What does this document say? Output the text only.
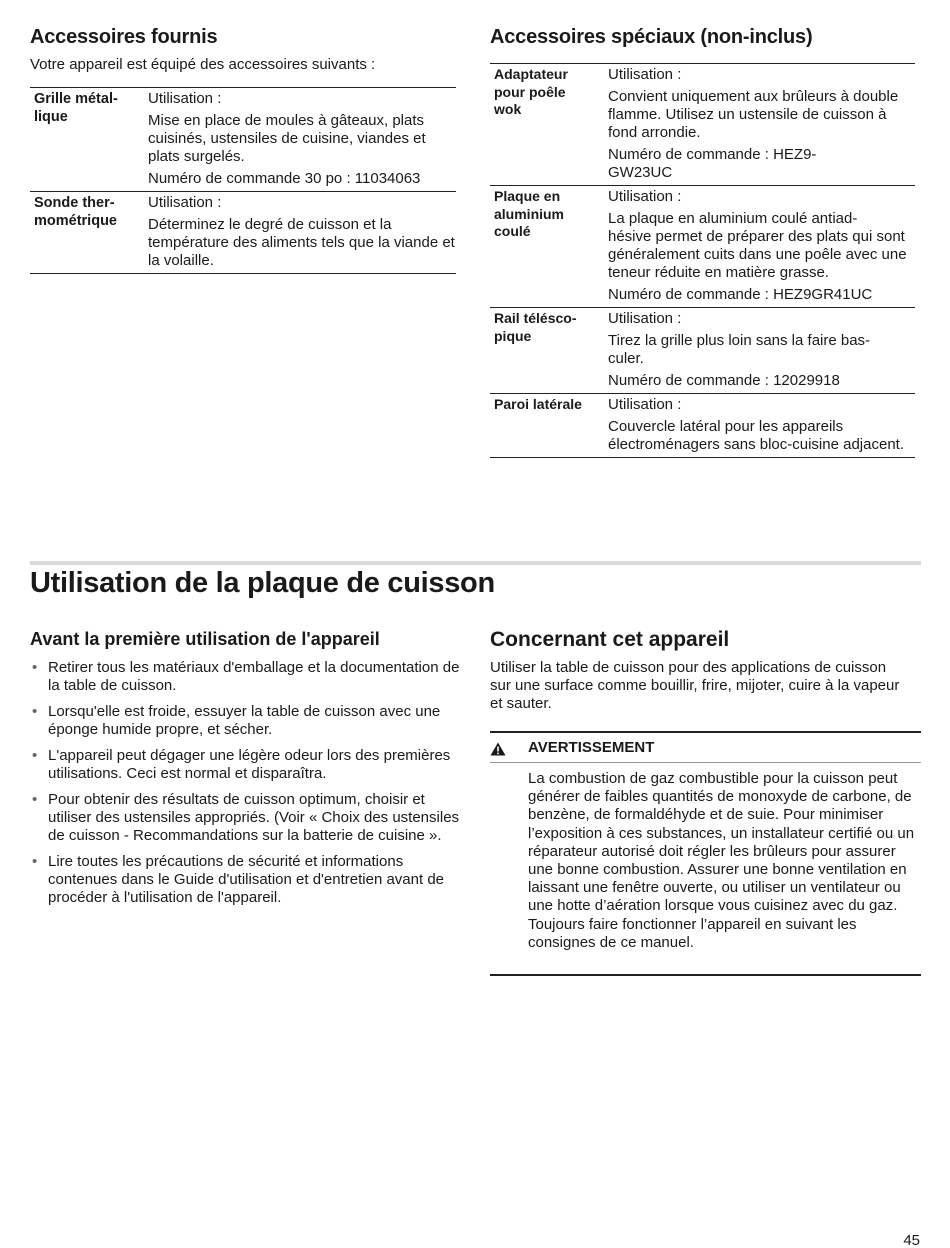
Accessoires fournis
Votre appareil est équipé des accessoires suivants :
Grille métal-
lique

Utilisation :

Mise en place de moules à gâteaux, plats cuisinés, ustensiles de cuisine, viandes et plats surgelés.

Numéro de commande 30 po : 11034063

Sonde ther-
mométrique

Utilisation :

Déterminez le degré de cuisson et la température des aliments tels que la viande et la volaille.

Accessoires spéciaux (non-inclus)
Adaptateur
pour poêle
wok

Utilisation :

Convient uniquement aux brûleurs à double flamme. Utilisez un ustensile de cuisson à fond arrondie.

Numéro de commande : HEZ9-
GW23UC

Plaque en
aluminium
coulé

Utilisation :

La plaque en aluminium coulé antiad-
hésive permet de préparer des plats qui sont généralement cuits dans une poêle avec une teneur réduite en matière grasse.

Numéro de commande : HEZ9GR41UC

Rail télésco-
pique

Utilisation :

Tirez la grille plus loin sans la faire bas-
culer.

Numéro de commande : 12029918

Paroi latérale	Utilisation :

Couvercle latéral pour les appareils électroménagers sans bloc-cuisine adjacent.

Utilisation de la plaque de cuisson
Avant la première utilisation de l'appareil
• Retirer tous les matériaux d'emballage et la documentation de la table de cuisson.
• Lorsqu'elle est froide, essuyer la table de cuisson avec une éponge humide propre, et sécher.
• L'appareil peut dégager une légère odeur lors des premières utilisations. Ceci est normal et disparaîtra.
• Pour obtenir des résultats de cuisson optimum, choisir et utiliser des ustensiles appropriés. (Voir « Choix des ustensiles de cuisson - Recommandations sur la batterie de cuisine ».
• Lire toutes les précautions de sécurité et informations contenues dans le Guide d'utilisation et d'entretien avant de procéder à l'utilisation de l'appareil.
Concernant cet appareil
Utiliser la table de cuisson pour des applications de cuisson sur une surface comme bouillir, frire, mijoter, cuire à la vapeur et sauter.
AVERTISSEMENT
La combustion de gaz combustible pour la cuisson peut générer de faibles quantités de monoxyde de carbone, de benzène, de formaldéhyde et de suie. Pour minimiser l’exposition à ces substances, un installateur certifié ou un réparateur autorisé doit régler les brûleurs pour assurer une bonne combustion. Assurer une bonne ventilation en laissant une fenêtre ouverte, ou utiliser un ventilateur ou une hotte d’aération lorsque vous cuisinez avec du gaz. Toujours faire fonctionner l’appareil en suivant les consignes de ce manuel.
45
